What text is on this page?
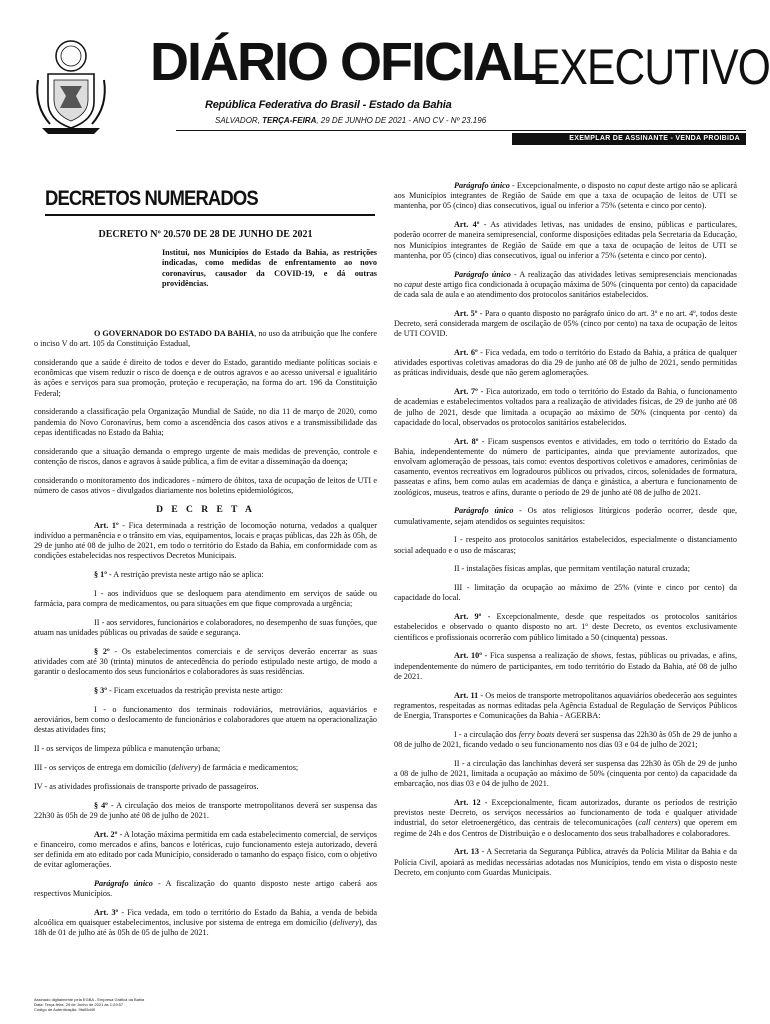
DIÁRIO OFICIAL
EXECUTIVO
República Federativa do Brasil - Estado da Bahia
SALVADOR, TERÇA-FEIRA, 29 DE JUNHO DE 2021 - ANO CV - Nº 23.196
EXEMPLAR DE ASSINANTE - VENDA PROIBIDA
DECRETOS NUMERADOS

DECRETO Nº 20.570 DE 28 DE JUNHO DE 2021

Institui, nos Municípios do Estado da Bahia, as restrições indicadas, como medidas de enfrentamento ao novo coronavírus, causador da COVID-19, e dá outras providências.

O GOVERNADOR DO ESTADO DA BAHIA, no uso da atribuição que lhe confere o inciso V do art. 105 da Constituição Estadual,

considerando que a saúde é direito de todos e dever do Estado, garantido mediante políticas sociais e econômicas que visem reduzir o risco de doença e de outros agravos e ao acesso universal e igualitário às ações e serviços para sua promoção, proteção e recuperação, na forma do art. 196 da Constituição Federal;

considerando a classificação pela Organização Mundial de Saúde, no dia 11 de março de 2020, como pandemia do Novo Coronavírus, bem como a ascendência dos casos ativos e a transmissibilidade das cepas identificadas no Estado da Bahia;

considerando que a situação demanda o emprego urgente de mais medidas de prevenção, controle e contenção de riscos, danos e agravos à saúde pública, a fim de evitar a disseminação da doença;

considerando o monitoramento dos indicadores - número de óbitos, taxa de ocupação de leitos de UTI e número de casos ativos - divulgados diariamente nos boletins epidemiológicos,

D E C R E T A

Art. 1º - Fica determinada a restrição de locomoção noturna, vedados a qualquer indivíduo a permanência e o trânsito em vias, equipamentos, locais e praças públicas, das 22h às 05h, de 29 de junho até 08 de julho de 2021, em todo o território do Estado da Bahia, em conformidade com as condições estabelecidas nos respectivos Decretos Municipais.

§ 1º - A restrição prevista neste artigo não se aplica:

I - aos indivíduos que se desloquem para atendimento em serviços de saúde ou farmácia, para compra de medicamentos, ou para situações em que fique comprovada a urgência;

II - aos servidores, funcionários e colaboradores, no desempenho de suas funções, que atuam nas unidades públicas ou privadas de saúde e segurança.

§ 2º - Os estabelecimentos comerciais e de serviços deverão encerrar as suas atividades com até 30 (trinta) minutos de antecedência do período estipulado neste artigo, de modo a garantir o deslocamento dos seus funcionários e colaboradores às suas residências.

§ 3º - Ficam excetuados da restrição prevista neste artigo:

I - o funcionamento dos terminais rodoviários, metroviários, aquaviários e aeroviários, bem como o deslocamento de funcionários e colaboradores que atuem na operacionalização destas atividades fins;

II - os serviços de limpeza pública e manutenção urbana;

III - os serviços de entrega em domicílio (delivery) de farmácia e medicamentos;

IV - as atividades profissionais de transporte privado de passageiros.

§ 4º - A circulação dos meios de transporte metropolitanos deverá ser suspensa das 22h30 às 05h de 29 de junho até 08 de julho de 2021.

Art. 2º - A lotação máxima permitida em cada estabelecimento comercial, de serviços e financeiro, como mercados e afins, bancos e lotéricas, cujo funcionamento esteja autorizado, deverá ser definida em ato editado por cada Município, considerado o tamanho do espaço físico, com o objetivo de evitar aglomerações.

Parágrafo único - A fiscalização do quanto disposto neste artigo caberá aos respectivos Municípios.

Art. 3º - Fica vedada, em todo o território do Estado da Bahia, a venda de bebida alcoólica em quaisquer estabelecimentos, inclusive por sistema de entrega em domicílio (delivery), das 18h de 01 de julho até às 05h de 05 de julho de 2021.

Parágrafo único - Excepcionalmente, o disposto no caput deste artigo não se aplicará aos Municípios integrantes de Região de Saúde em que a taxa de ocupação de leitos de UTI se mantenha, por 05 (cinco) dias consecutivos, igual ou inferior a 75% (setenta e cinco por cento).

Art. 4º - As atividades letivas, nas unidades de ensino, públicas e particulares, poderão ocorrer de maneira semipresencial, conforme disposições editadas pela Secretaria da Educação, nos Municípios integrantes de Região de Saúde em que a taxa de ocupação de leitos de UTI se mantenha, por 05 (cinco) dias consecutivos, igual ou inferior a 75% (setenta e cinco por cento).

Parágrafo único - A realização das atividades letivas semipresenciais mencionadas no caput deste artigo fica condicionada à ocupação máxima de 50% (cinquenta por cento) da capacidade de cada sala de aula e ao atendimento dos protocolos sanitários estabelecidos.

Art. 5º - Para o quanto disposto no parágrafo único do art. 3º e no art. 4º, todos deste Decreto, será considerada margem de oscilação de 05% (cinco por cento) na taxa de ocupação de leitos de UTI COVID.

Art. 6º - Fica vedada, em todo o território do Estado da Bahia, a prática de qualquer atividades esportivas coletivas amadoras do dia 29 de junho até 08 de julho de 2021, sendo permitidas as práticas individuais, desde que não gerem aglomerações.

Art. 7º - Fica autorizado, em todo o território do Estado da Bahia, o funcionamento de academias e estabelecimentos voltados para a realização de atividades físicas, de 29 de junho até 08 de julho de 2021, desde que limitada a ocupação ao máximo de 50% (cinquenta por cento) da capacidade do local, observados os protocolos sanitários estabelecidos.

Art. 8º - Ficam suspensos eventos e atividades, em todo o território do Estado da Bahia, independentemente do número de participantes, ainda que previamente autorizados, que envolvam aglomeração de pessoas, tais como: eventos desportivos coletivos e amadores, cerimônias de casamento, eventos recreativos em logradouros públicos ou privados, circos, solenidades de formatura, passeatas e afins, bem como aulas em academias de dança e ginástica, a abertura e funcionamento de zoológicos, museus, teatros e afins, durante o período de 29 de junho até 08 de julho de 2021.

Parágrafo único - Os atos religiosos litúrgicos poderão ocorrer, desde que, cumulativamente, sejam atendidos os seguintes requisitos:

I - respeito aos protocolos sanitários estabelecidos, especialmente o distanciamento social adequado e o uso de máscaras;

II - instalações físicas amplas, que permitam ventilação natural cruzada;

III - limitação da ocupação ao máximo de 25% (vinte e cinco por cento) da capacidade do local.

Art. 9º - Excepcionalmente, desde que respeitados os protocolos sanitários estabelecidos e observado o quanto disposto no art. 1º deste Decreto, os eventos exclusivamente científicos e profissionais ocorrerão com público limitado a 50 (cinquenta) pessoas.

Art. 10º - Fica suspensa a realização de shows, festas, públicas ou privadas, e afins, independentemente do número de participantes, em todo território do Estado da Bahia, até 08 de julho de 2021.

Art. 11 - Os meios de transporte metropolitanos aquaviários obedecerão aos seguintes regramentos, respeitadas as normas editadas pela Agência Estadual de Regulação de Serviços Públicos de Energia, Transportes e Comunicações da Bahia - AGERBA:

I - a circulação dos ferry boats deverá ser suspensa das 22h30 às 05h de 29 de junho a 08 de julho de 2021, ficando vedado o seu funcionamento nos dias 03 e 04 de julho de 2021;

II - a circulação das lanchinhas deverá ser suspensa das 22h30 às 05h de 29 de junho a 08 de julho de 2021, limitada a ocupação ao máximo de 50% (cinquenta por cento) da capacidade da embarcação, nos dias 03 e 04 de julho de 2021.

Art. 12 - Excepcionalmente, ficam autorizados, durante os períodos de restrição previstos neste Decreto, os serviços necessários ao funcionamento de toda e qualquer atividade industrial, do setor eletroenergético, das centrais de telecomunicações (call centers) que operem em regime de 24h e dos Centros de Distribuição e o deslocamento dos seus trabalhadores e colaboradores.

Art. 13 - A Secretaria da Segurança Pública, através da Polícia Militar da Bahia e da Polícia Civil, apoiará as medidas necessárias adotadas nos Municípios, tendo em vista o disposto neste Decreto, em conjunto com Guardas Municipais.

Assinado digitalmente pela EGBA - Empresa Gráfica da Bahia
Data: Terça-feira, 29 de Junho de 2021 às 1:29:57
Código de Autenticação: 9fa05d49
